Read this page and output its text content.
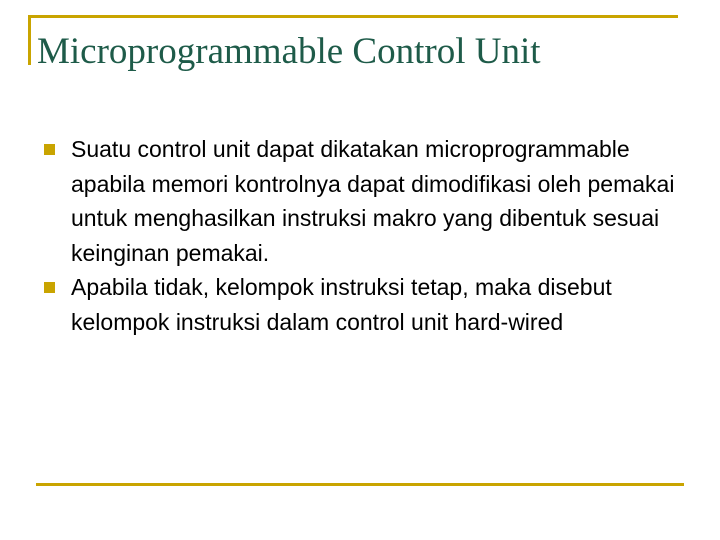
Microprogrammable Control Unit
Suatu control unit dapat dikatakan microprogrammable apabila memori kontrolnya dapat dimodifikasi oleh pemakai untuk menghasilkan instruksi makro yang dibentuk sesuai keinginan pemakai.
Apabila tidak, kelompok instruksi tetap, maka disebut kelompok instruksi dalam control unit hard-wired
